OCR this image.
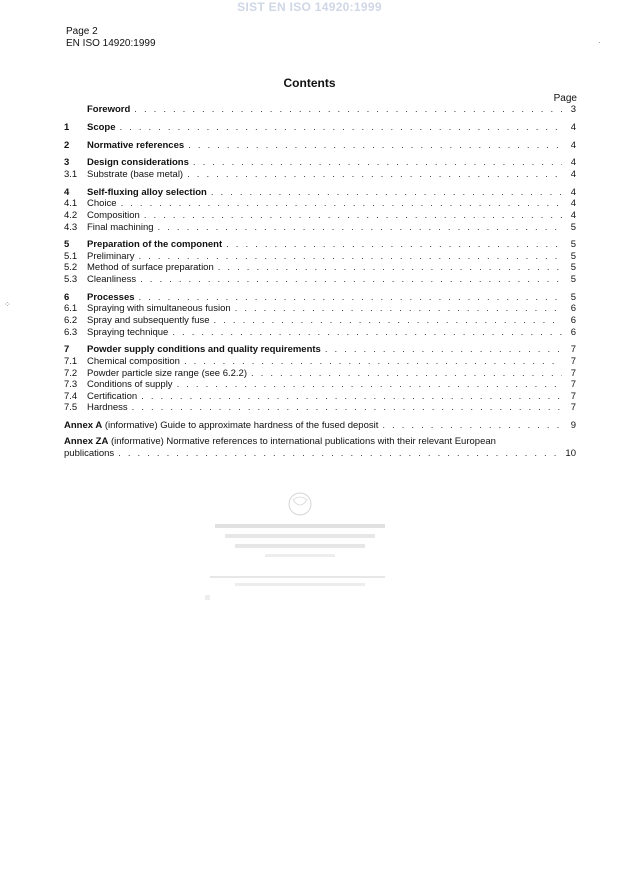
SIST EN ISO 14920:1999
Page 2
EN ISO 14920:1999
Contents
Page
Foreword . . .	3
1	Scope . . .	4
2	Normative references . . .	4
3	Design considerations . . .	4
3.1	Substrate (base metal) . . .	4
4	Self-fluxing alloy selection . . .	4
4.1	Choice . . .	4
4.2	Composition . . .	4
4.3	Final machining . . .	5
5	Preparation of the component . . .	5
5.1	Preliminary . . .	5
5.2	Method of surface preparation . . .	5
5.3	Cleanliness . . .	5
6	Processes . . .	5
6.1	Spraying with simultaneous fusion . . .	6
6.2	Spray and subsequently fuse . . .	6
6.3	Spraying technique . . .	6
7	Powder supply conditions and quality requirements . . .	7
7.1	Chemical composition . . .	7
7.2	Powder particle size range (see 6.2.2) . . .	7
7.3	Conditions of supply . . .	7
7.4	Certification . . .	7
7.5	Hardness . . .	7
Annex A (informative) Guide to approximate hardness of the fused deposit . . .	9
Annex ZA (informative) Normative references to international publications with their relevant European
publications . . .	10
⁘
·
